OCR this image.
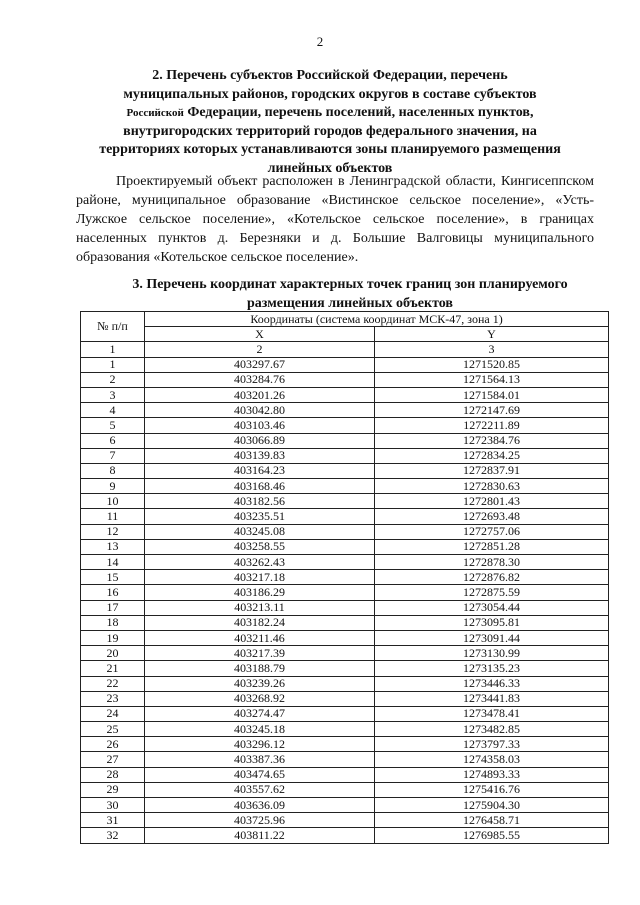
2
2. Перечень субъектов Российской Федерации, перечень
муниципальных районов, городских округов в составе субъектов
Российской Федерации, перечень поселений, населенных пунктов,
внутригородских территорий городов федерального значения, на
территориях которых устанавливаются зоны планируемого размещения
линейных объектов

Проектируемый объект расположен в Ленинградской области, Кингисеппском районе, муниципальное образование «Вистинское сельское поселение», «Усть-Лужское сельское поселение», «Котельское сельское поселение», в границах населенных пунктов д. Березняки и д. Большие Валговицы муниципального образования «Котельское сельское поселение».

3. Перечень координат характерных точек границ зон планируемого
размещения линейных объектов
№ п/п	Координаты (система координат МСК-47, зона 1)	
	X	Y
1	2	3
1	403297.67	1271520.85
2	403284.76	1271564.13
3	403201.26	1271584.01
4	403042.80	1272147.69
5	403103.46	1272211.89
6	403066.89	1272384.76
7	403139.83	1272834.25
8	403164.23	1272837.91
9	403168.46	1272830.63
10	403182.56	1272801.43
11	403235.51	1272693.48
12	403245.08	1272757.06
13	403258.55	1272851.28
14	403262.43	1272878.30
15	403217.18	1272876.82
16	403186.29	1272875.59
17	403213.11	1273054.44
18	403182.24	1273095.81
19	403211.46	1273091.44
20	403217.39	1273130.99
21	403188.79	1273135.23
22	403239.26	1273446.33
23	403268.92	1273441.83
24	403274.47	1273478.41
25	403245.18	1273482.85
26	403296.12	1273797.33
27	403387.36	1274358.03
28	403474.65	1274893.33
29	403557.62	1275416.76
30	403636.09	1275904.30
31	403725.96	1276458.71
32	403811.22	1276985.55
